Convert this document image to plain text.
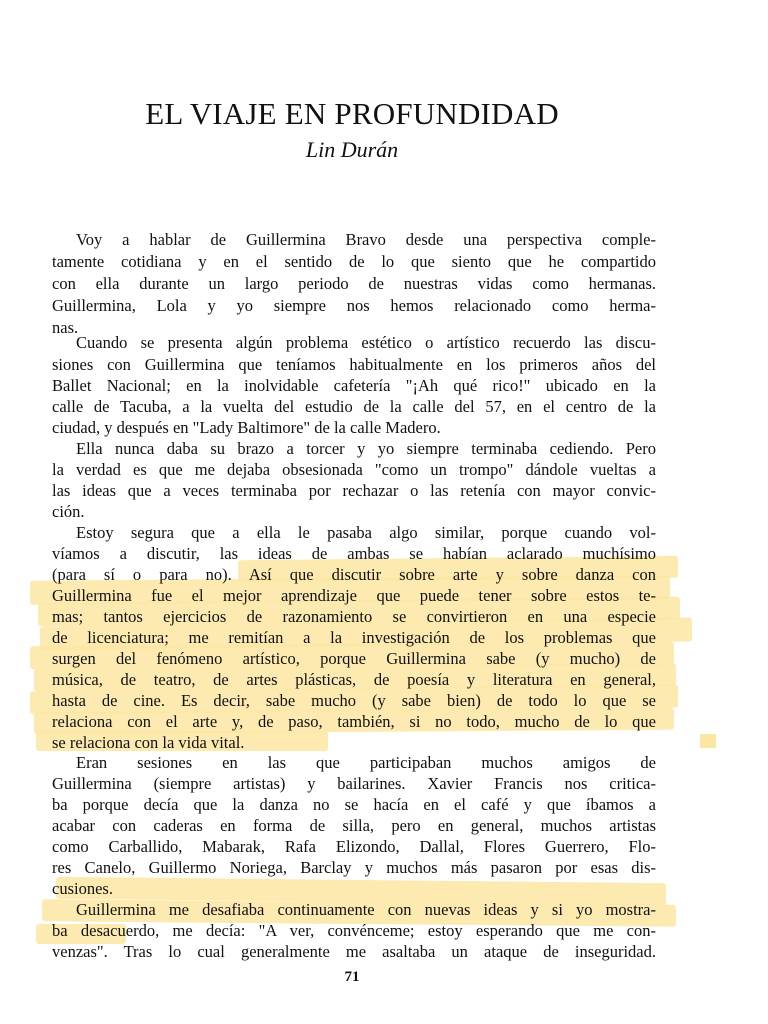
EL VIAJE EN PROFUNDIDAD
Lin Durán
Voy a hablar de Guillermina Bravo desde una perspectiva comple-
tamente cotidiana y en el sentido de lo que siento que he compartido
con ella durante un largo periodo de nuestras vidas como hermanas.
Guillermina, Lola y yo siempre nos hemos relacionado como herma-
nas.
Cuando se presenta algún problema estético o artístico recuerdo las discu-
siones con Guillermina que teníamos habitualmente en los primeros años del
Ballet Nacional; en la inolvidable cafetería "¡Ah qué rico!" ubicado en la
calle de Tacuba, a la vuelta del estudio de la calle del 57, en el centro de la
ciudad, y después en "Lady Baltimore" de la calle Madero.
Ella nunca daba su brazo a torcer y yo siempre terminaba cediendo. Pero
la verdad es que me dejaba obsesionada "como un trompo" dándole vueltas a
las ideas que a veces terminaba por rechazar o las retenía con mayor convic-
ción.
Estoy segura que a ella le pasaba algo similar, porque cuando vol-
víamos a discutir, las ideas de ambas se habían aclarado muchísimo
(para sí o para no). Así que discutir sobre arte y sobre danza con
Guillermina fue el mejor aprendizaje que puede tener sobre estos te-
mas; tantos ejercicios de razonamiento se convirtieron en una especie
de licenciatura; me remitían a la investigación de los problemas que
surgen del fenómeno artístico, porque Guillermina sabe (y mucho) de
música, de teatro, de artes plásticas, de poesía y literatura en general,
hasta de cine. Es decir, sabe mucho (y sabe bien) de todo lo que se
relaciona con el arte y, de paso, también, si no todo, mucho de lo que
se relaciona con la vida vital.
Eran sesiones en las que participaban muchos amigos de
Guillermina (siempre artistas) y bailarines. Xavier Francis nos critica-
ba porque decía que la danza no se hacía en el café y que íbamos a
acabar con caderas en forma de silla, pero en general, muchos artistas
como Carballido, Mabarak, Rafa Elizondo, Dallal, Flores Guerrero, Flo-
res Canelo, Guillermo Noriega, Barclay y muchos más pasaron por esas dis-
cusiones.
Guillermina me desafiaba continuamente con nuevas ideas y si yo mostra-
ba desacuerdo, me decía: "A ver, convénceme; estoy esperando que me con-
venzas". Tras lo cual generalmente me asaltaba un ataque de inseguridad.
71
